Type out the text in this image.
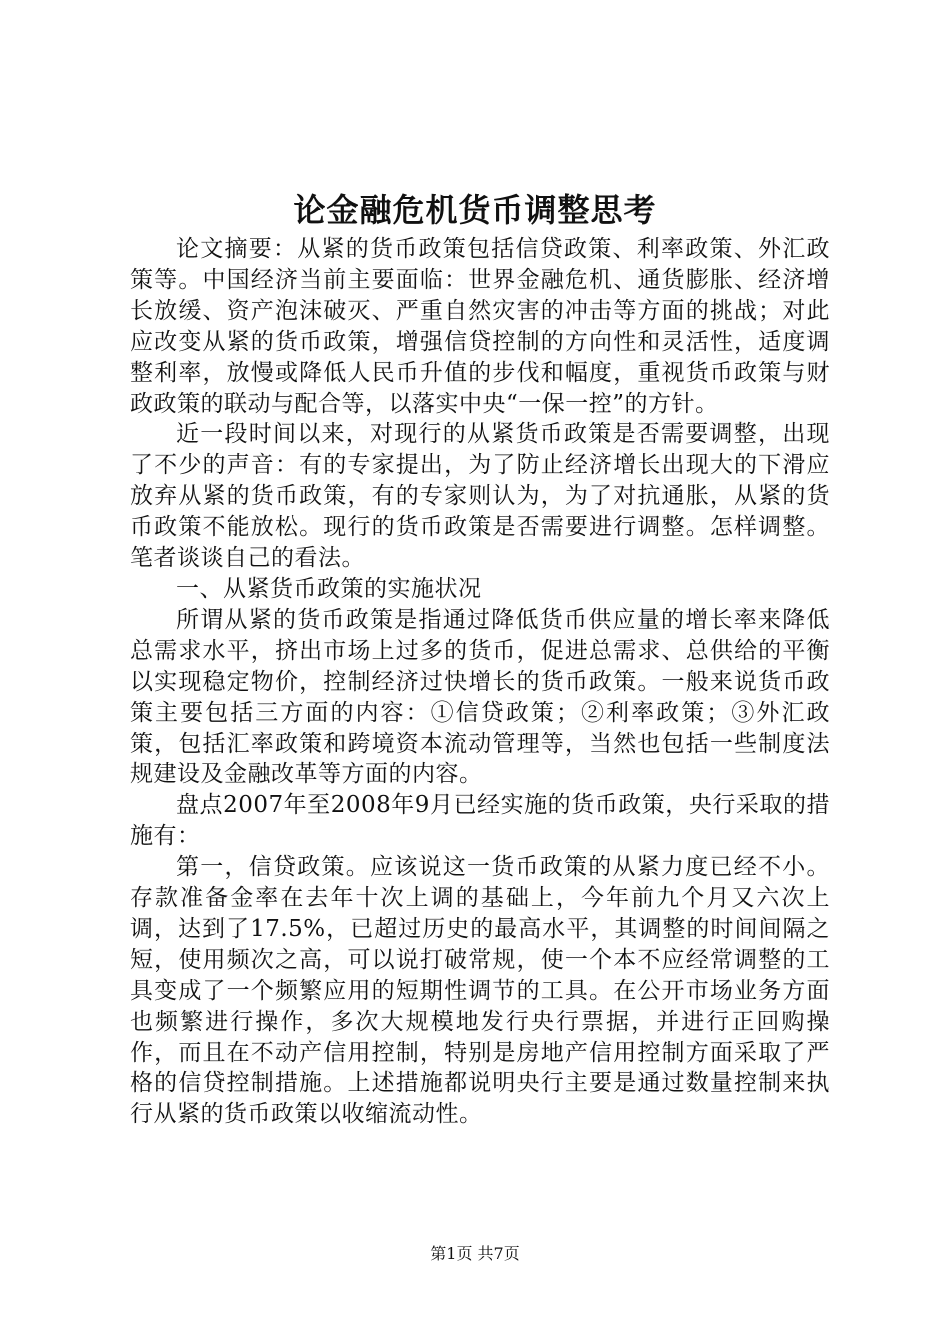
论金融危机货币调整思考

论文摘要：从紧的货币政策包括信贷政策、利率政策、外汇政策等。中国经济当前主要面临：世界金融危机、通货膨胀、经济增长放缓、资产泡沫破灭、严重自然灾害的冲击等方面的挑战；对此应改变从紧的货币政策，增强信贷控制的方向性和灵活性，适度调整利率，放慢或降低人民币升值的步伐和幅度，重视货币政策与财政政策的联动与配合等，以落实中央“一保一控”的方针。

近一段时间以来，对现行的从紧货币政策是否需要调整，出现了不少的声音：有的专家提出，为了防止经济增长出现大的下滑应放弃从紧的货币政策，有的专家则认为，为了对抗通胀，从紧的货币政策不能放松。现行的货币政策是否需要进行调整。怎样调整。笔者谈谈自己的看法。

一、从紧货币政策的实施状况

所谓从紧的货币政策是指通过降低货币供应量的增长率来降低总需求水平，挤出市场上过多的货币，促进总需求、总供给的平衡以实现稳定物价，控制经济过快增长的货币政策。一般来说货币政策主要包括三方面的内容：①信贷政策；②利率政策；③外汇政策，包括汇率政策和跨境资本流动管理等，当然也包括一些制度法规建设及金融改革等方面的内容。

盘点2007年至2008年9月已经实施的货币政策，央行采取的措施有：

第一，信贷政策。应该说这一货币政策的从紧力度已经不小。存款准备金率在去年十次上调的基础上，今年前九个月又六次上调，达到了17.5%，已超过历史的最高水平，其调整的时间间隔之短，使用频次之高，可以说打破常规，使一个本不应经常调整的工具变成了一个频繁应用的短期性调节的工具。在公开市场业务方面也频繁进行操作，多次大规模地发行央行票据，并进行正回购操作，而且在不动产信用控制，特别是房地产信用控制方面采取了严格的信贷控制措施。上述措施都说明央行主要是通过数量控制来执行从紧的货币政策以收缩流动性。

第1页 共7页
